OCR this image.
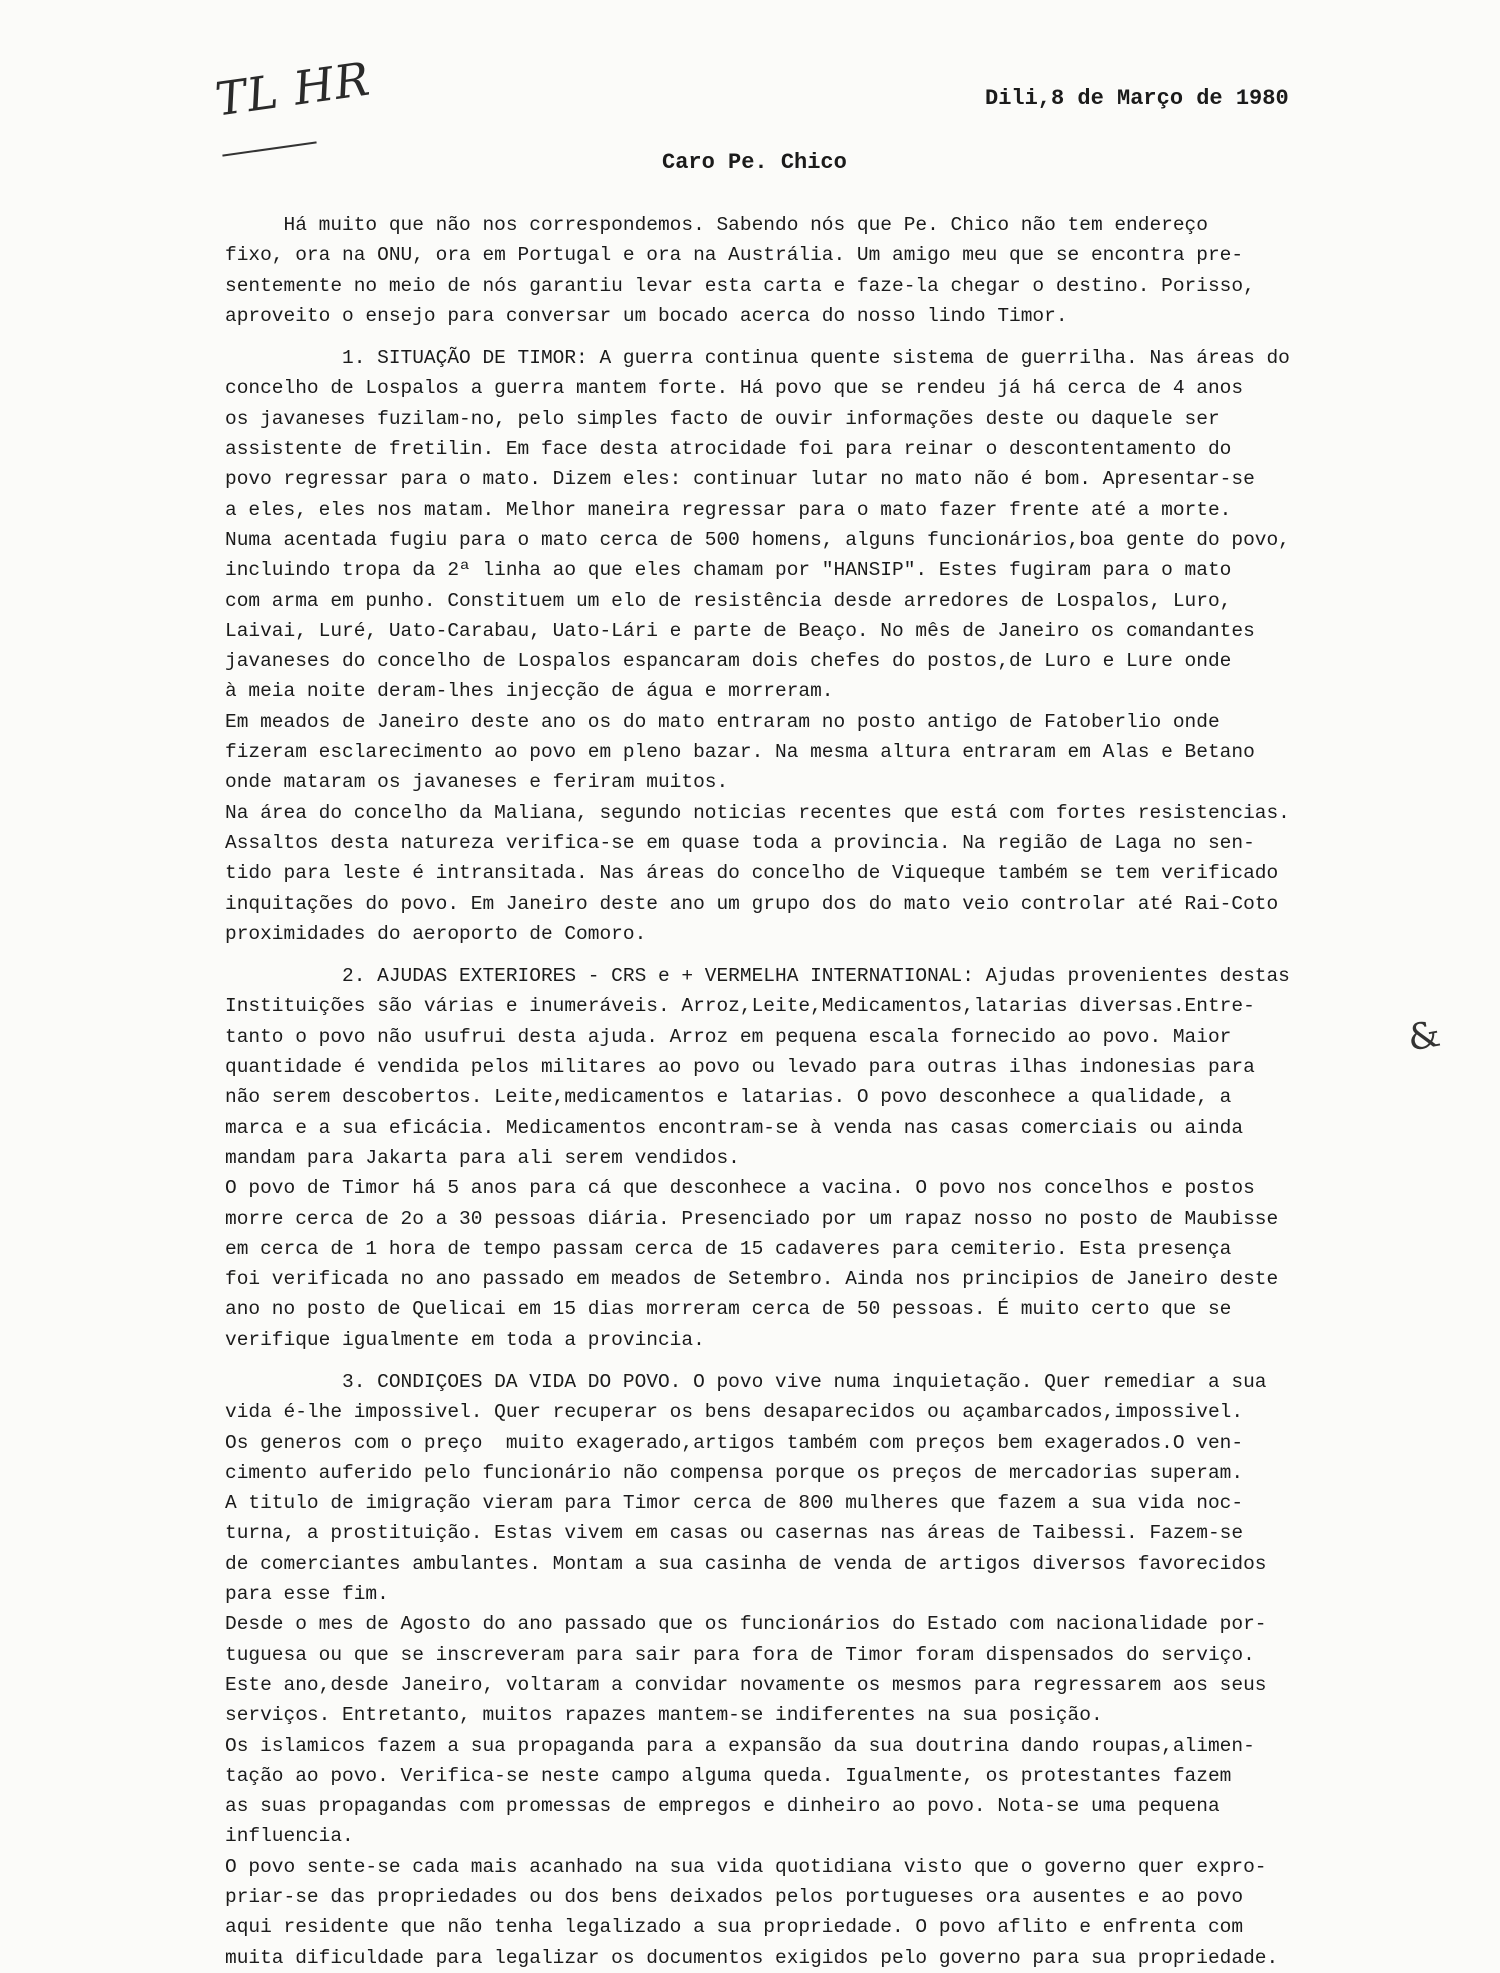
TL HR	Dili,8 de Março de 1980
Caro Pe. Chico
Há muito que não nos correspondemos. Sabendo nós que Pe. Chico não tem endereço
fixo, ora na ONU, ora em Portugal e ora na Austrália. Um amigo meu que se encontra pre-
sentemente no meio de nós garantiu levar esta carta e faze-la chegar o destino. Porisso,
aproveito o ensejo para conversar um bocado acerca do nosso lindo Timor.
1. SITUAÇÃO DE TIMOR: A guerra continua quente sistema de guerrilha. Nas áreas do
concelho de Lospalos a guerra mantem forte. Há povo que se rendeu já há cerca de 4 anos
os javaneses fuzilam-no, pelo simples facto de ouvir informações deste ou daquele ser
assistente de fretilin. Em face desta atrocidade foi para reinar o descontentamento do
povo regressar para o mato. Dizem eles: continuar lutar no mato não é bom. Apresentar-se
a eles, eles nos matam. Melhor maneira regressar para o mato fazer frente até a morte.
Numa acentada fugiu para o mato cerca de 500 homens, alguns funcionários,boa gente do povo,
incluindo tropa da 2ª linha ao que eles chamam por "HANSIP". Estes fugiram para o mato
com arma em punho. Constituem um elo de resistência desde arredores de Lospalos, Luro,
Laivai, Luré, Uato-Carabau, Uato-Lári e parte de Beaço. No mês de Janeiro os comandantes
javaneses do concelho de Lospalos espancaram dois chefes do postos,de Luro e Lure onde
à meia noite deram-lhes injecção de água e morreram.
Em meados de Janeiro deste ano os do mato entraram no posto antigo de Fatoberlio onde
fizeram esclarecimento ao povo em pleno bazar. Na mesma altura entraram em Alas e Betano
onde mataram os javaneses e feriram muitos.
Na área do concelho da Maliana, segundo noticias recentes que está com fortes resistencias.
Assaltos desta natureza verifica-se em quase toda a provincia. Na região de Laga no sen-
tido para leste é intransitada. Nas áreas do concelho de Viqueque também se tem verificado
inquitações do povo. Em Janeiro deste ano um grupo dos do mato veio controlar até Rai-Coto
proximidades do aeroporto de Comoro.
2. AJUDAS EXTERIORES - CRS e + VERMELHA INTERNATIONAL: Ajudas provenientes destas
Instituições são várias e inumeráveis. Arroz,Leite,Medicamentos,latarias diversas.Entre-
tanto o povo não usufrui desta ajuda. Arroz em pequena escala fornecido ao povo. Maior
quantidade é vendida pelos militares ao povo ou levado para outras ilhas indonesias para
não serem descobertos. Leite,medicamentos e latarias. O povo desconhece a qualidade, a
marca e a sua eficácia. Medicamentos encontram-se à venda nas casas comerciais ou ainda
mandam para Jakarta para ali serem vendidos.
O povo de Timor há 5 anos para cá que desconhece a vacina. O povo nos concelhos e postos
morre cerca de 2o a 30 pessoas diária. Presenciado por um rapaz nosso no posto de Maubisse
em cerca de 1 hora de tempo passam cerca de 15 cadaveres para cemiterio. Esta presença
foi verificada no ano passado em meados de Setembro. Ainda nos principios de Janeiro deste
ano no posto de Quelicai em 15 dias morreram cerca de 50 pessoas. É muito certo que se
verifique igualmente em toda a provincia.
3. CONDIÇOES DA VIDA DO POVO. O povo vive numa inquietação. Quer remediar a sua
vida é-lhe impossivel. Quer recuperar os bens desaparecidos ou açambarcados,impossivel.
Os generos com o preço  muito exagerado,artigos também com preços bem exagerados.O ven-
cimento auferido pelo funcionário não compensa porque os preços de mercadorias superam.
A titulo de imigração vieram para Timor cerca de 800 mulheres que fazem a sua vida noc-
turna, a prostituição. Estas vivem em casas ou casernas nas áreas de Taibessi. Fazem-se
de comerciantes ambulantes. Montam a sua casinha de venda de artigos diversos favorecidos
para esse fim.
Desde o mes de Agosto do ano passado que os funcionários do Estado com nacionalidade por-
tuguesa ou que se inscreveram para sair para fora de Timor foram dispensados do serviço.
Este ano,desde Janeiro, voltaram a convidar novamente os mesmos para regressarem aos seus
serviços. Entretanto, muitos rapazes mantem-se indiferentes na sua posição.
Os islamicos fazem a sua propaganda para a expansão da sua doutrina dando roupas,alimen-
tação ao povo. Verifica-se neste campo alguma queda. Igualmente, os protestantes fazem
as suas propagandas com promessas de empregos e dinheiro ao povo. Nota-se uma pequena
influencia.
O povo sente-se cada mais acanhado na sua vida quotidiana visto que o governo quer expro-
priar-se das propriedades ou dos bens deixados pelos portugueses ora ausentes e ao povo
aqui residente que não tenha legalizado a sua propriedade. O povo aflito e enfrenta com
muita dificuldade para legalizar os documentos exigidos pelo governo para sua propriedade.
&
